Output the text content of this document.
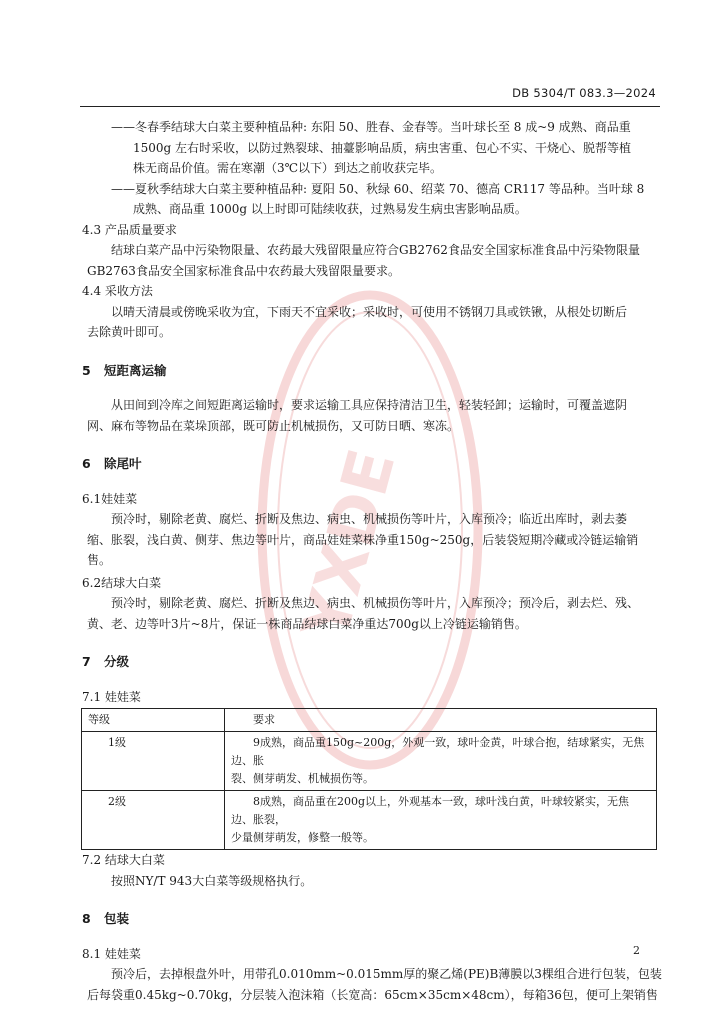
YXDE
DB 5304/T 083.3—2024

——冬春季结球大白菜主要种植品种: 东阳 50、胜春、金春等。当叶球长至 8 成~9 成熟、商品重

1500g 左右时采收，以防过熟裂球、抽薹影响品质，病虫害重、包心不实、干烧心、脱帮等植

株无商品价值。需在寒潮（3℃以下）到达之前收获完毕。

——夏秋季结球大白菜主要种植品种: 夏阳 50、秋绿 60、绍菜 70、德高 CR117 等品种。当叶球 8

成熟、商品重 1000g 以上时即可陆续收获，过熟易发生病虫害影响品质。

4.3 产品质量要求

结球白菜产品中污染物限量、农药最大残留限量应符合GB2762食品安全国家标准食品中污染物限量

GB2763食品安全国家标准食品中农药最大残留限量要求。

4.4 采收方法

以晴天清晨或傍晚采收为宜，下雨天不宜采收；采收时，可使用不锈钢刀具或铁锹，从根处切断后

去除黄叶即可。

5 短距离运输

从田间到冷库之间短距离运输时，要求运输工具应保持清洁卫生，轻装轻卸；运输时，可覆盖遮阴

网、麻布等物品在菜垛顶部，既可防止机械损伤，又可防日晒、寒冻。

6 除尾叶

6.1娃娃菜

预冷时，剔除老黄、腐烂、折断及焦边、病虫、机械损伤等叶片，入库预冷；临近出库时，剥去萎

缩、胀裂，浅白黄、侧芽、焦边等叶片，商品娃娃菜株净重150g~250g，后装袋短期冷藏或冷链运输销

售。

6.2结球大白菜

预冷时，剔除老黄、腐烂、折断及焦边、病虫、机械损伤等叶片，入库预冷；预冷后，剥去烂、残、

黄、老、边等叶3片~8片，保证一株商品结球白菜净重达700g以上冷链运输销售。

7 分级

7.1 娃娃菜

等级	要求
1级	9成熟，商品重150g~200g，外观一致，球叶金黄，叶球合抱，结球紧实，无焦边、胀
裂、侧芽萌发、机械损伤等。

2级	8成熟，商品重在200g以上，外观基本一致，球叶浅白黄，叶球较紧实，无焦边、胀裂，
少量侧芽萌发，修整一般等。

7.2 结球大白菜

按照NY/T 943大白菜等级规格执行。

8 包装

8.1 娃娃菜

预冷后，去掉根盘外叶，用带孔0.010mm~0.015mm厚的聚乙烯(PE)B薄膜以3棵组合进行包装，包装

后每袋重0.45kg~0.70kg，分层装入泡沫箱（长宽高：65cm×35cm×48cm），每箱36包，便可上架销售

2
